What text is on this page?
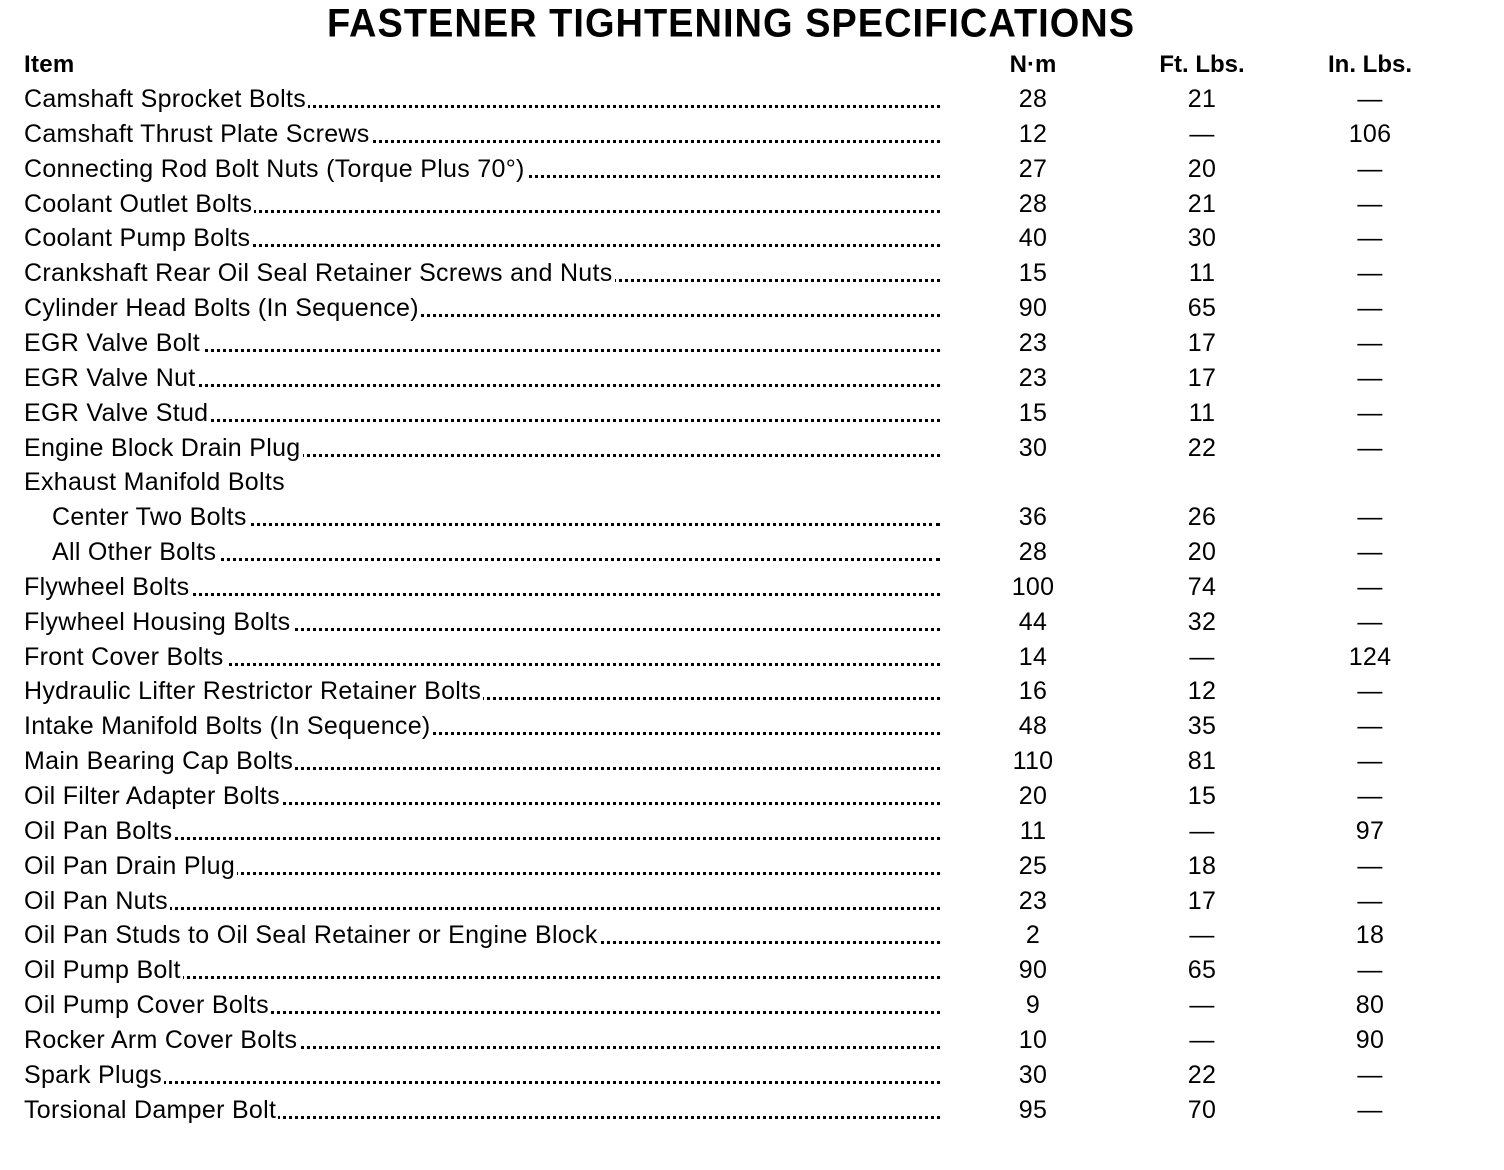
FASTENER TIGHTENING SPECIFICATIONS
Item	N·m	Ft. Lbs.	In. Lbs.
Camshaft Sprocket Bolts	28	21	—
Camshaft Thrust Plate Screws	12	—	106
Connecting Rod Bolt Nuts (Torque Plus 70°)	27	20	—
Coolant Outlet Bolts	28	21	—
Coolant Pump Bolts	40	30	—
Crankshaft Rear Oil Seal Retainer Screws and Nuts	15	11	—
Cylinder Head Bolts (In Sequence)	90	65	—
EGR Valve Bolt	23	17	—
EGR Valve Nut	23	17	—
EGR Valve Stud	15	11	—
Engine Block Drain Plug	30	22	—
Exhaust Manifold Bolts
Center Two Bolts	36	26	—
All Other Bolts	28	20	—
Flywheel Bolts	100	74	—
Flywheel Housing Bolts	44	32	—
Front Cover Bolts	14	—	124
Hydraulic Lifter Restrictor Retainer Bolts	16	12	—
Intake Manifold Bolts (In Sequence)	48	35	—
Main Bearing Cap Bolts	110	81	—
Oil Filter Adapter Bolts	20	15	—
Oil Pan Bolts	11	—	97
Oil Pan Drain Plug	25	18	—
Oil Pan Nuts	23	17	—
Oil Pan Studs to Oil Seal Retainer or Engine Block	2	—	18
Oil Pump Bolt	90	65	—
Oil Pump Cover Bolts	9	—	80
Rocker Arm Cover Bolts	10	—	90
Spark Plugs	30	22	—
Torsional Damper Bolt	95	70	—
